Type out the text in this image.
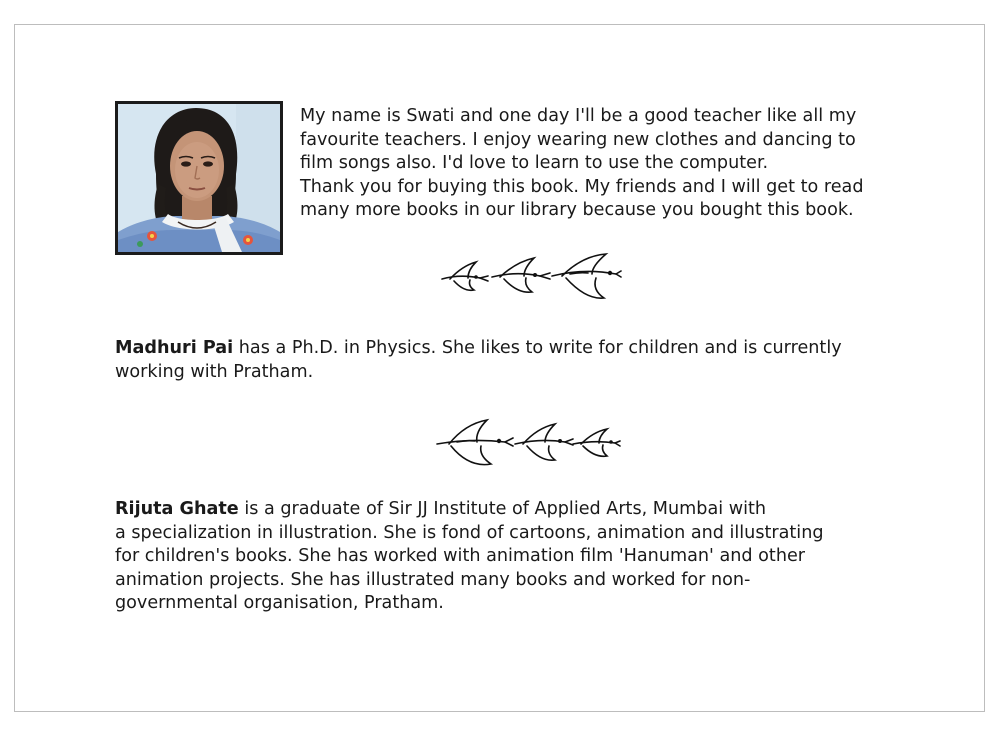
My name is Swati and one day I'll be a good teacher like all my
favourite teachers. I enjoy wearing new clothes and dancing to
film songs also. I'd love to learn to use the computer.
Thank you for buying this book. My friends and I will get to read
many more books in our library because you bought this book.

Madhuri Pai has a Ph.D. in Physics. She likes to write for children and is currently
working with Pratham.

Rijuta Ghate is a graduate of Sir JJ Institute of Applied Arts, Mumbai with
a specialization in illustration. She is fond of cartoons, animation and illustrating
for children's books. She has worked with animation film 'Hanuman' and other
animation projects. She has illustrated many books and worked for non-
governmental organisation, Pratham.
